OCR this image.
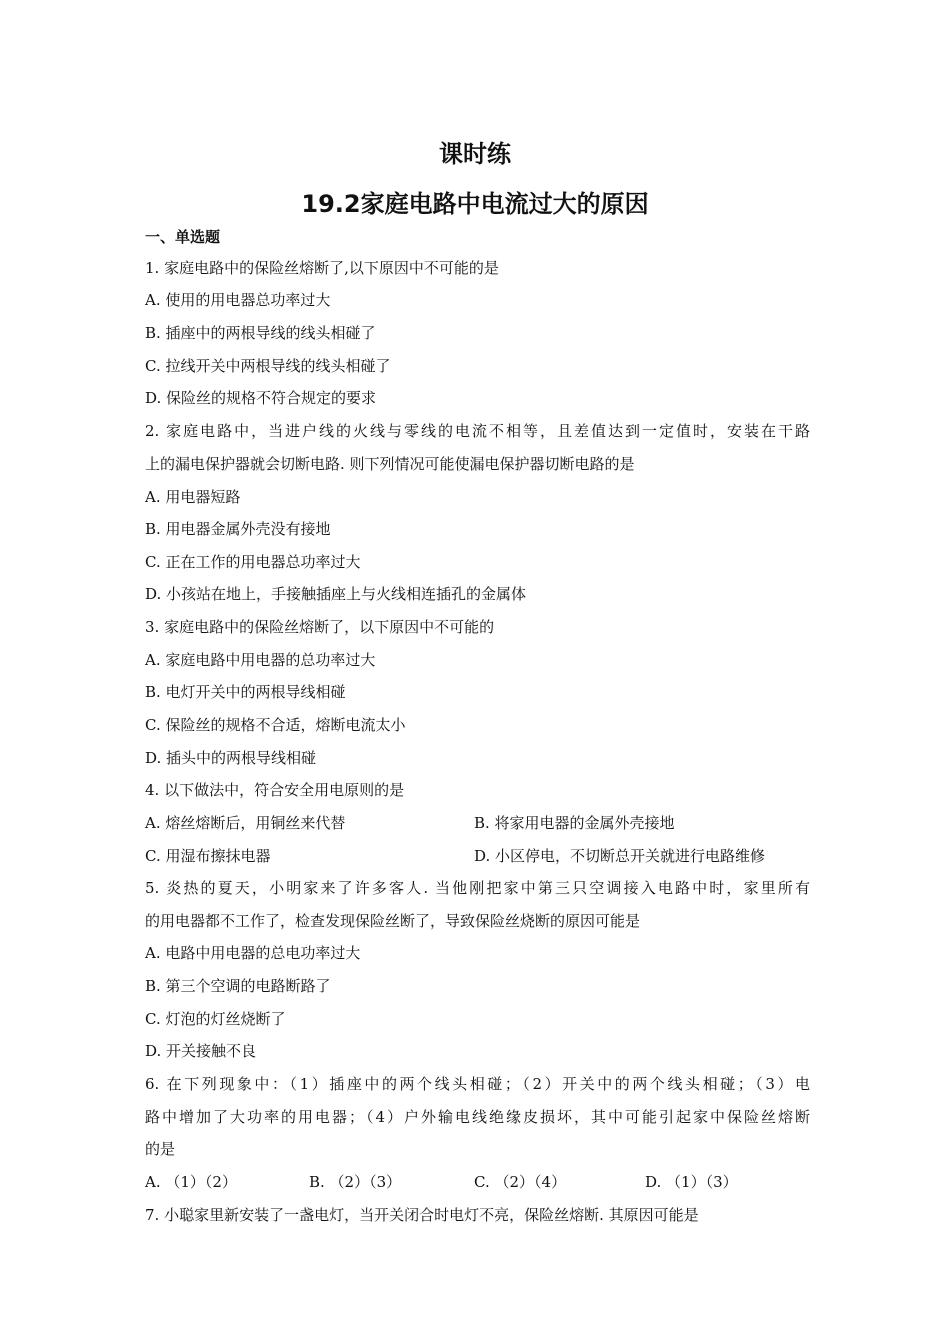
课时练
19.2家庭电路中电流过大的原因
一、单选题
1. 家庭电路中的保险丝熔断了,以下原因中不可能的是
A. 使用的用电器总功率过大
B. 插座中的两根导线的线头相碰了
C. 拉线开关中两根导线的线头相碰了
D. 保险丝的规格不符合规定的要求
2. 家庭电路中，当进户线的火线与零线的电流不相等，且差值达到一定值时，安装在干路
上的漏电保护器就会切断电路. 则下列情况可能使漏电保护器切断电路的是
A. 用电器短路
B. 用电器金属外壳没有接地
C. 正在工作的用电器总功率过大
D. 小孩站在地上，手接触插座上与火线相连插孔的金属体
3. 家庭电路中的保险丝熔断了，以下原因中不可能的
A. 家庭电路中用电器的总功率过大
B. 电灯开关中的两根导线相碰
C. 保险丝的规格不合适，熔断电流太小
D. 插头中的两根导线相碰
4. 以下做法中，符合安全用电原则的是
A. 熔丝熔断后，用铜丝来代替	B. 将家用电器的金属外壳接地
C. 用湿布擦抹电器	D. 小区停电，不切断总开关就进行电路维修
5. 炎热的夏天，小明家来了许多客人. 当他刚把家中第三只空调接入电路中时，家里所有
的用电器都不工作了，检查发现保险丝断了，导致保险丝烧断的原因可能是
A. 电路中用电器的总电功率过大
B. 第三个空调的电路断路了
C. 灯泡的灯丝烧断了
D. 开关接触不良
6. 在下列现象中：（1）插座中的两个线头相碰；（2）开关中的两个线头相碰；（3）电
路中增加了大功率的用电器；（4）户外输电线绝缘皮损坏，其中可能引起家中保险丝熔断
的是
A. （1）（2）	B. （2）（3）	C. （2）（4）	D. （1）（3）
7. 小聪家里新安装了一盏电灯，当开关闭合时电灯不亮，保险丝熔断. 其原因可能是
